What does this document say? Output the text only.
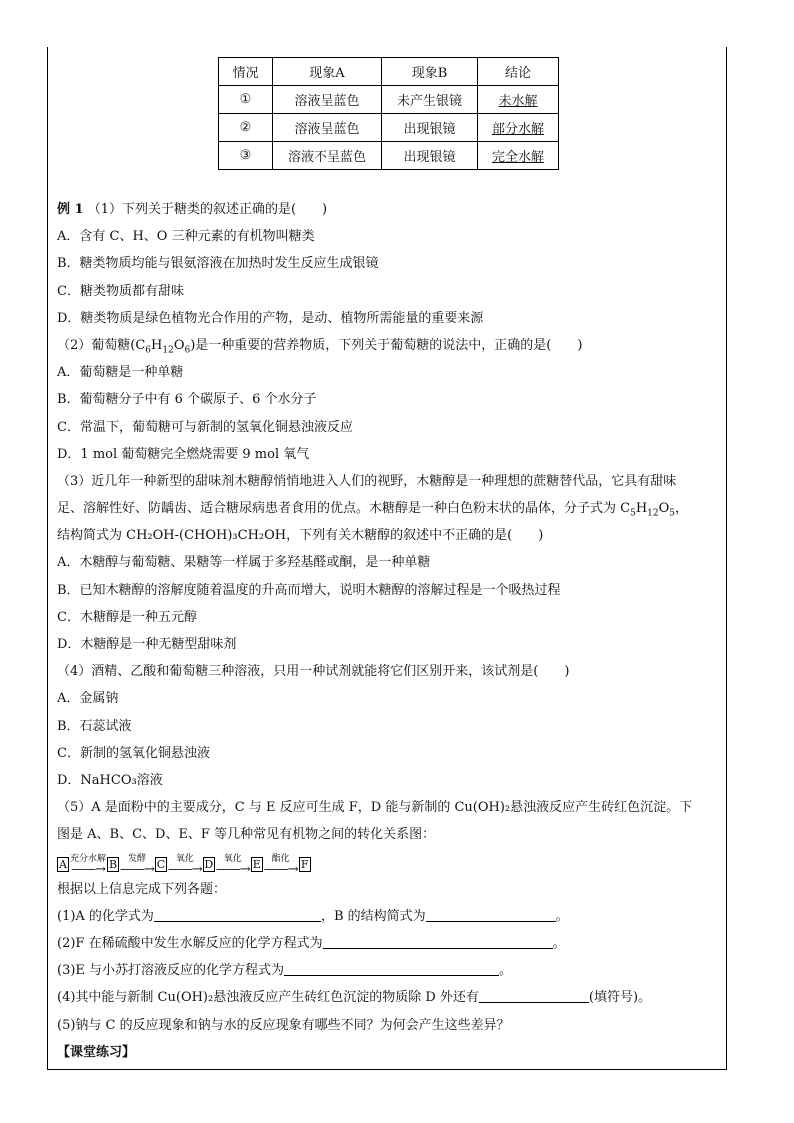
情况	现象A	现象B	结论
①	溶液呈蓝色	未产生银镜	未水解
②	溶液呈蓝色	出现银镜	部分水解
③	溶液不呈蓝色	出现银镜	完全水解
例 1 （1）下列关于糖类的叙述正确的是(　　)
A．含有 C、H、O 三种元素的有机物叫糖类
B．糖类物质均能与银氨溶液在加热时发生反应生成银镜
C．糖类物质都有甜味
D．糖类物质是绿色植物光合作用的产物，是动、植物所需能量的重要来源
（2）葡萄糖$(C_6H_{12}O_6)$是一种重要的营养物质，下列关于葡萄糖的说法中，正确的是(　　)
A．葡萄糖是一种单糖
B．葡萄糖分子中有 6 个碳原子、6 个水分子
C．常温下，葡萄糖可与新制的氢氧化铜悬浊液反应
D．1 mol 葡萄糖完全燃烧需要 9 mol 氧气
（3）近几年一种新型的甜味剂木糖醇悄悄地进入人们的视野，木糖醇是一种理想的蔗糖替代品，它具有甜味
足、溶解性好、防龋齿、适合糖尿病患者食用的优点。木糖醇是一种白色粉末状的晶体，分子式为 $C_5H_{12}O_5$，
结构简式为 CH₂OH-(CHOH)₃CH₂OH，下列有关木糖醇的叙述中不正确的是(　　)
A．木糖醇与葡萄糖、果糖等一样属于多羟基醛或酮，是一种单糖
B．已知木糖醇的溶解度随着温度的升高而增大，说明木糖醇的溶解过程是一个吸热过程
C．木糖醇是一种五元醇
D．木糖醇是一种无糖型甜味剂
（4）酒精、乙酸和葡萄糖三种溶液，只用一种试剂就能将它们区别开来，该试剂是(　　)
A．金属钠
B．石蕊试液
C．新制的氢氧化铜悬浊液
D．NaHCO₃溶液
（5）A 是面粉中的主要成分，C 与 E 反应可生成 F，D 能与新制的 Cu(OH)₂悬浊液反应产生砖红色沉淀。下
图是 A、B、C、D、E、F 等几种常见有机物之间的转化关系图：
A 充分水解
——→ B 发酵
——→ C 氧化
——→ D 氧化
——→ E 酯化
——→ F
根据以上信息完成下列各题：
(1)A 的化学式为	，B 的结构简式为	。
(2)F 在稀硫酸中发生水解反应的化学方程式为	。
(3)E 与小苏打溶液反应的化学方程式为	。
(4)其中能与新制 Cu(OH)₂悬浊液反应产生砖红色沉淀的物质除 D 外还有	(填符号)。
(5)钠与 C 的反应现象和钠与水的反应现象有哪些不同？为何会产生这些差异？
【课堂练习】
